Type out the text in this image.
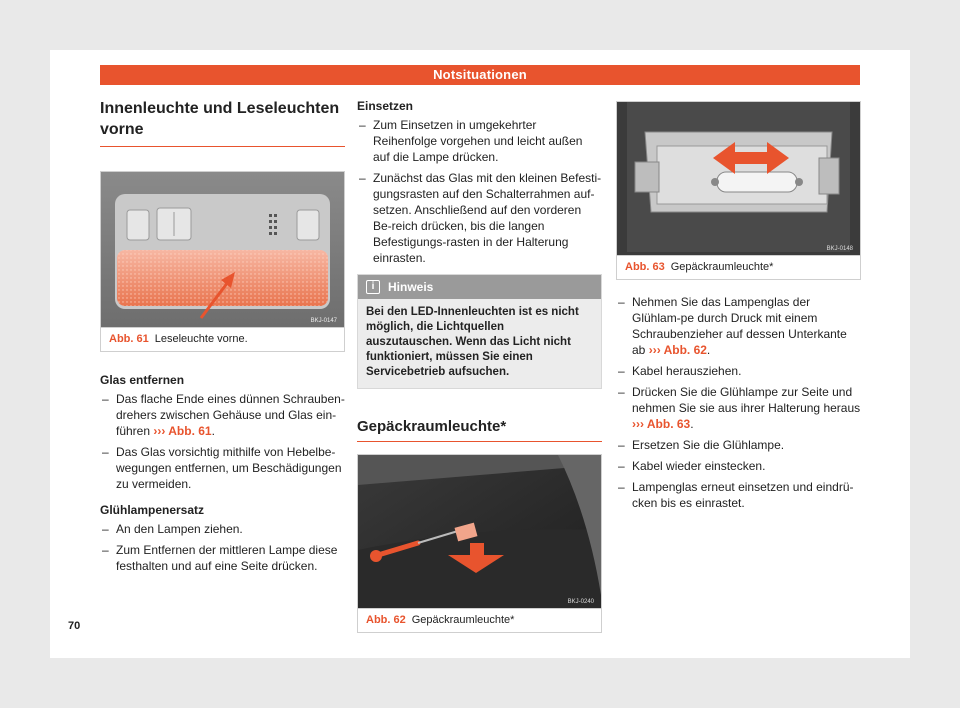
Notsituationen
Innenleuchte und Leseleuchten vorne
BKJ-0147
Abb. 61 Leseleuchte vorne.

Glas entfernen

– Das flache Ende eines dünnen Schrauben-drehers zwischen Gehäuse und Glas ein-führen ››› Abb. 61.
– Das Glas vorsichtig mithilfe von Hebelbe-wegungen entfernen, um Beschädigungen zu vermeiden.

Glühlampenersatz

– An den Lampen ziehen.
– Zum Entfernen der mittleren Lampe diese festhalten und auf eine Seite drücken.

Einsetzen

– Zum Einsetzen in umgekehrter Reihenfolge vorgehen und leicht außen auf die Lampe drücken.
– Zunächst das Glas mit den kleinen Befesti-gungsrasten auf den Schalterrahmen auf-setzen. Anschließend auf den vorderen Be-reich drücken, bis die langen Befestigungs-rasten in der Halterung einrasten.
i	Hinweis
Bei den LED-Innenleuchten ist es nicht möglich, die Lichtquellen auszutauschen. Wenn das Licht nicht funktioniert, müssen Sie einen Servicebetrieb aufsuchen.
Gepäckraumleuchte*
BKJ-0240
Abb. 62 Gepäckraumleuchte*
BKJ-0148
Abb. 63 Gepäckraumleuchte*
– Nehmen Sie das Lampenglas der Glühlam-pe durch Druck mit einem Schraubenzieher auf dessen Unterkante ab ››› Abb. 62.
– Kabel herausziehen.
– Drücken Sie die Glühlampe zur Seite und nehmen Sie sie aus ihrer Halterung heraus ››› Abb. 63.
– Ersetzen Sie die Glühlampe.
– Kabel wieder einstecken.
– Lampenglas erneut einsetzen und eindrü-cken bis es einrastet.
70
